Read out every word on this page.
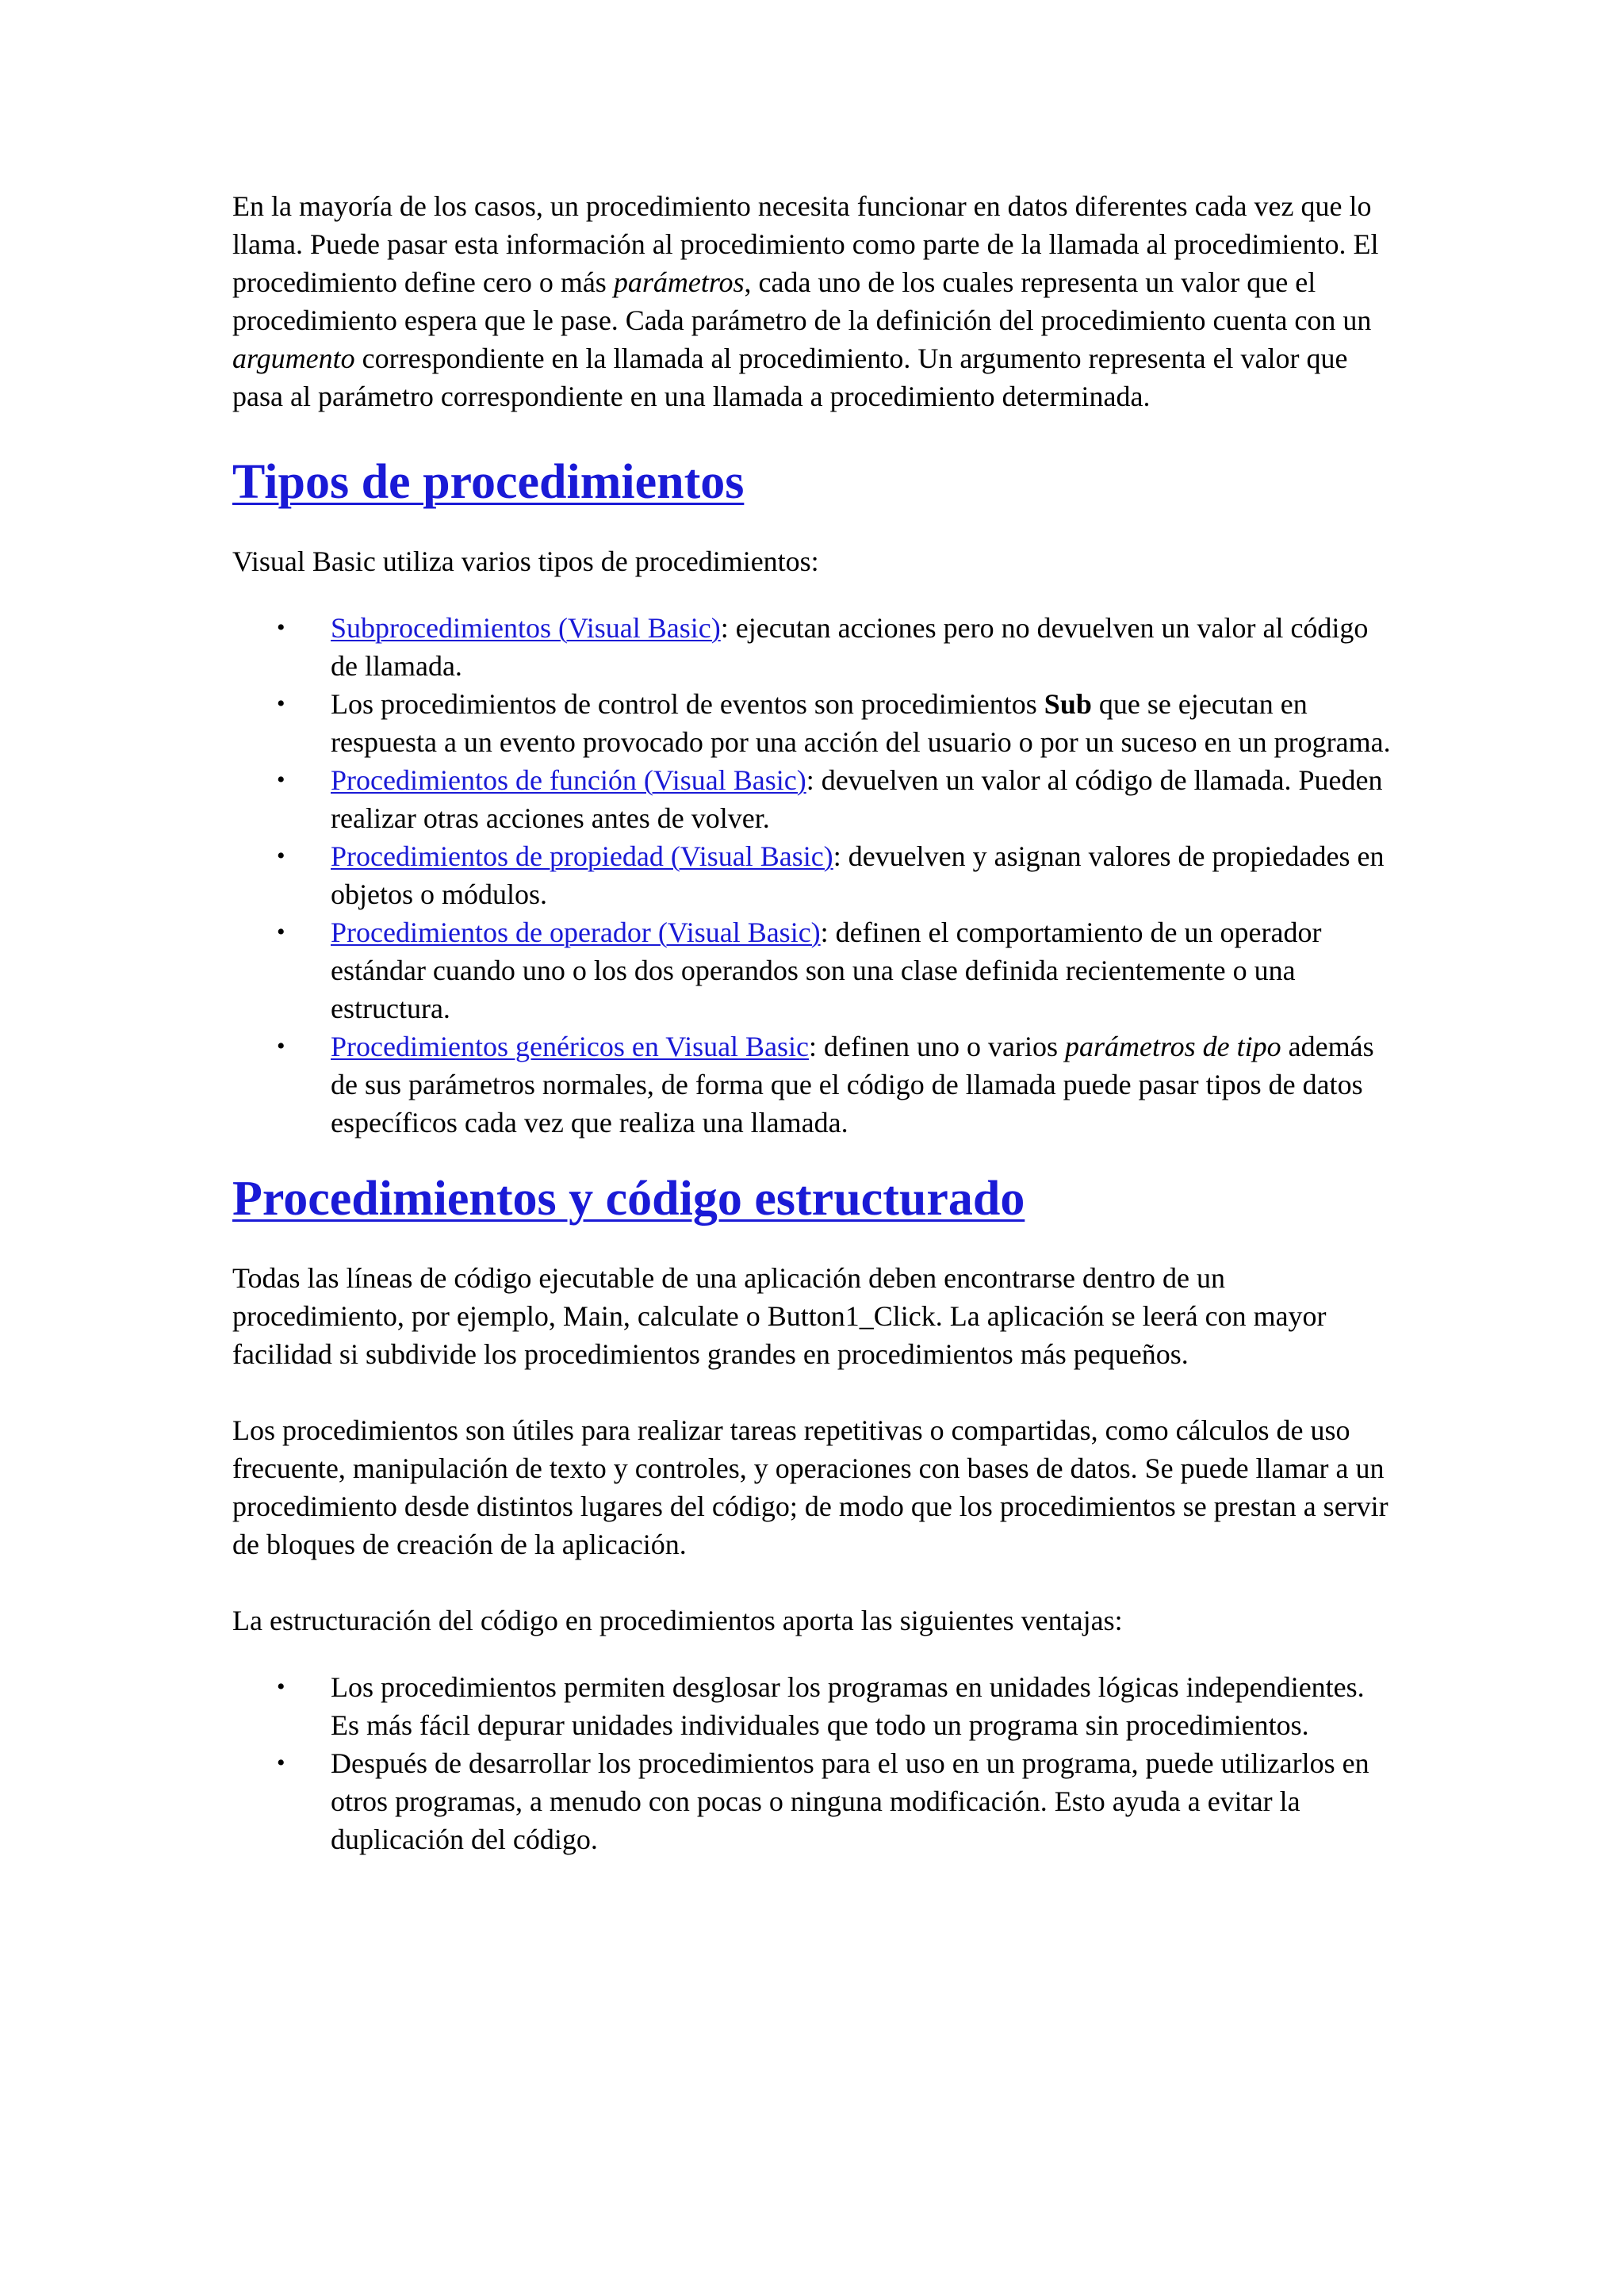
En la mayoría de los casos, un procedimiento necesita funcionar en datos diferentes cada vez que lo llama. Puede pasar esta información al procedimiento como parte de la llamada al procedimiento. El procedimiento define cero o más parámetros, cada uno de los cuales representa un valor que el procedimiento espera que le pase. Cada parámetro de la definición del procedimiento cuenta con un argumento correspondiente en la llamada al procedimiento. Un argumento representa el valor que pasa al parámetro correspondiente en una llamada a procedimiento determinada.

Tipos de procedimientos

Visual Basic utiliza varios tipos de procedimientos:

• Subprocedimientos (Visual Basic): ejecutan acciones pero no devuelven un valor al código de llamada.
• Los procedimientos de control de eventos son procedimientos Sub que se ejecutan en respuesta a un evento provocado por una acción del usuario o por un suceso en un programa.
• Procedimientos de función (Visual Basic): devuelven un valor al código de llamada. Pueden realizar otras acciones antes de volver.
• Procedimientos de propiedad (Visual Basic): devuelven y asignan valores de propiedades en objetos o módulos.
• Procedimientos de operador (Visual Basic): definen el comportamiento de un operador estándar cuando uno o los dos operandos son una clase definida recientemente o una estructura.
• Procedimientos genéricos en Visual Basic: definen uno o varios parámetros de tipo además de sus parámetros normales, de forma que el código de llamada puede pasar tipos de datos específicos cada vez que realiza una llamada.
Procedimientos y código estructurado

Todas las líneas de código ejecutable de una aplicación deben encontrarse dentro de un procedimiento, por ejemplo, Main, calculate o Button1_Click. La aplicación se leerá con mayor facilidad si subdivide los procedimientos grandes en procedimientos más pequeños.

Los procedimientos son útiles para realizar tareas repetitivas o compartidas, como cálculos de uso frecuente, manipulación de texto y controles, y operaciones con bases de datos. Se puede llamar a un procedimiento desde distintos lugares del código; de modo que los procedimientos se prestan a servir de bloques de creación de la aplicación.

La estructuración del código en procedimientos aporta las siguientes ventajas:

• Los procedimientos permiten desglosar los programas en unidades lógicas independientes. Es más fácil depurar unidades individuales que todo un programa sin procedimientos.
• Después de desarrollar los procedimientos para el uso en un programa, puede utilizarlos en otros programas, a menudo con pocas o ninguna modificación. Esto ayuda a evitar la duplicación del código.
